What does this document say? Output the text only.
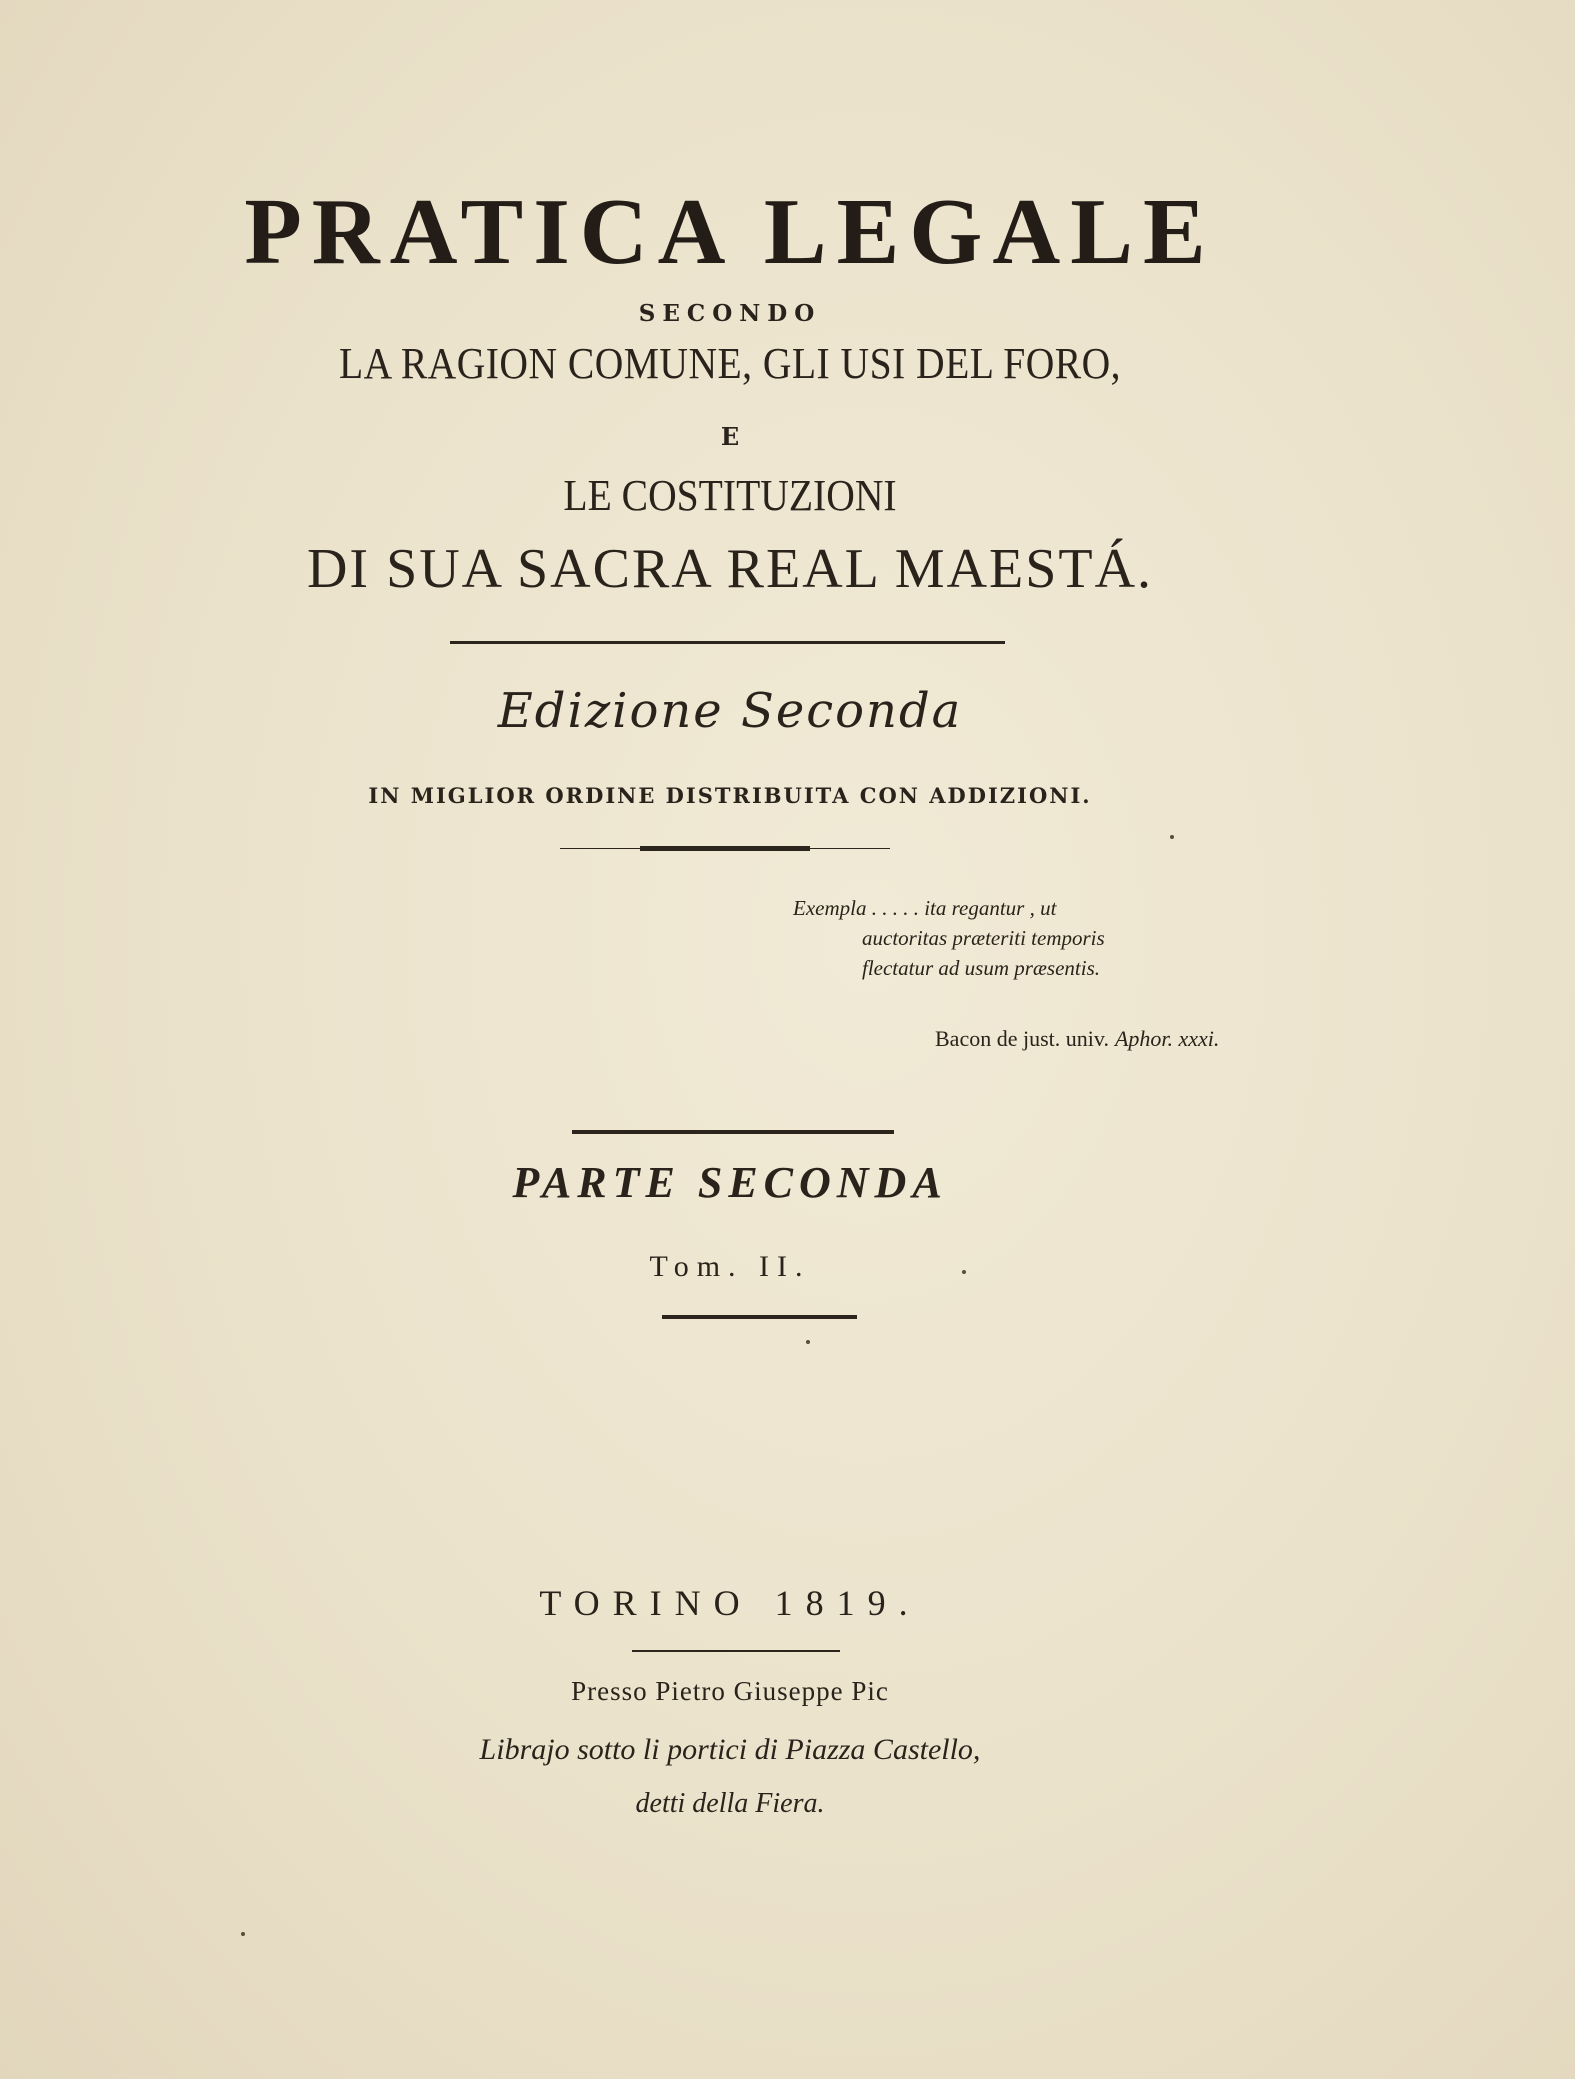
PRATICA LEGALE
SECONDO
LA RAGION COMUNE, GLI USI DEL FORO,
E
LE COSTITUZIONI
DI SUA SACRA REAL MAESTÁ.
Edizione Seconda
IN MIGLIOR ORDINE DISTRIBUITA CON ADDIZIONI.
Exempla . . . . . ita regantur , ut
auctoritas præteriti temporis
flectatur ad usum præsentis.
Bacon de just. univ. Aphor. xxxi.
PARTE SECONDA
Tom. II.
TORINO 1819.
Presso Pietro Giuseppe Pic
Librajo sotto li portici di Piazza Castello,
detti della Fiera.
